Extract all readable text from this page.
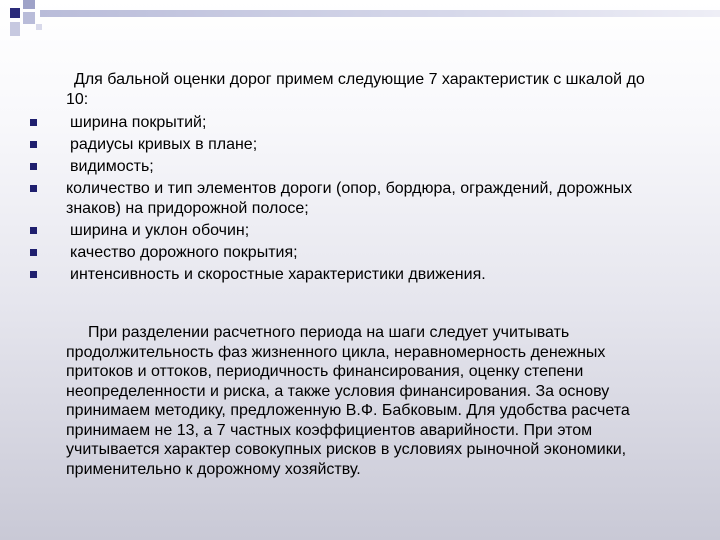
Для бальной оценки дорог примем следующие 7 характеристик с шкалой до 10:

ширина покрытий;
радиусы кривых в плане;
видимость;
количество и тип элементов дороги (опор, бордюра, ограждений, дорожных знаков) на придорожной полосе;
ширина и уклон обочин;
качество дорожного покрытия;
интенсивность и скоростные характеристики движения.

При разделении расчетного периода на шаги следует учитывать продолжительность фаз жизненного цикла, неравномерность денежных притоков и оттоков, периодичность финансирования, оценку степени неопределенности и риска, а также условия финансирования. За основу принимаем методику, предложенную В.Ф. Бабковым. Для удобства расчета принимаем не 13, а 7 частных коэффициентов аварийности. При этом учитывается характер совокупных рисков в условиях рыночной экономики, применительно к дорожному хозяйству.
